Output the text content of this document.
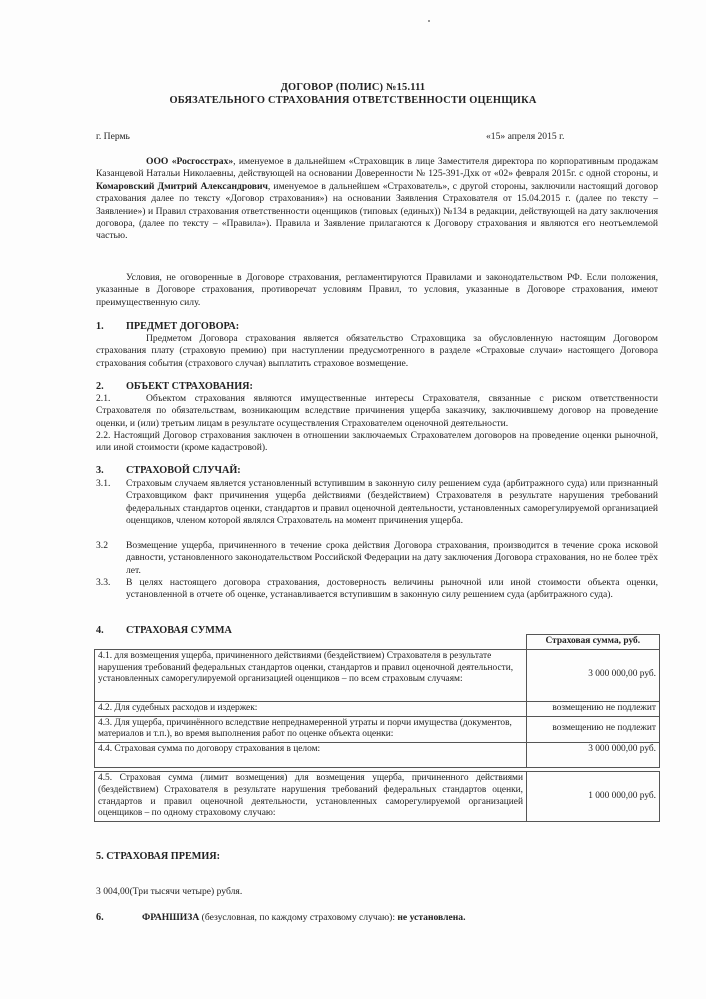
ДОГОВОР (ПОЛИС) №15.111
ОБЯЗАТЕЛЬНОГО СТРАХОВАНИЯ ОТВЕТСТВЕННОСТИ ОЦЕНЩИКА
г. Пермь	«15» апреля 2015 г.
ООО «Росгосстрах», именуемое в дальнейшем «Страховщик в лице Заместителя директора по корпоративным продажам Казанцевой Натальи Николаевны, действующей на основании Доверенности № 125-391-Дхк от «02» февраля 2015г. с одной стороны, и Комаровский Дмитрий Александрович, именуемое в дальнейшем «Страхователь», с другой стороны, заключили настоящий договор страхования далее по тексту «Договор страхования») на основании Заявления Страхователя от 15.04.2015 г. (далее по тексту – Заявление») и Правил страхования ответственности оценщиков (типовых (единых)) №134 в редакции, действующей на дату заключения договора, (далее по тексту – «Правила»). Правила и Заявление прилагаются к Договору страхования и являются его неотъемлемой частью.
Условия, не оговоренные в Договоре страхования, регламентируются Правилами и законодательством РФ. Если положения, указанные в Договоре страхования, противоречат условиям Правил, то условия, указанные в Договоре страхования, имеют преимущественную силу.
1. ПРЕДМЕТ ДОГОВОРА:
Предметом Договора страхования является обязательство Страховщика за обусловленную настоящим Договором страхования плату (страховую премию) при наступлении предусмотренного в разделе «Страховые случаи» настоящего Договора страхования события (страхового случая) выплатить страховое возмещение.
2. ОБЪЕКТ СТРАХОВАНИЯ:
2.1.	Объектом страхования являются имущественные интересы Страхователя, связанные с риском ответственности Страхователя по обязательствам, возникающим вследствие причинения ущерба заказчику, заключившему договор на проведение оценки, и (или) третьим лицам в результате осуществления Страхователем оценочной деятельности.
2.2. Настоящий Договор страхования заключен в отношении заключаемых Страхователем договоров на проведение оценки рыночной, или иной стоимости (кроме кадастровой).
3. СТРАХОВОЙ СЛУЧАЙ:
3.1. Страховым случаем является установленный вступившим в законную силу решением суда (арбитражного суда) или признанный Страховщиком факт причинения ущерба действиями (бездействием) Страхователя в результате нарушения требований федеральных стандартов оценки, стандартов и правил оценочной деятельности, установленных саморегулируемой организацией оценщиков, членом которой являлся Страхователь на момент причинения ущерба.
3.2 Возмещение ущерба, причиненного в течение срока действия Договора страхования, производится в течение срока исковой давности, установленного законодательством Российской Федерации на дату заключения Договора страхования, но не более трёх лет.
3.3. В целях настоящего договора страхования, достоверность величины рыночной или иной стоимости объекта оценки, установленной в отчете об оценке, устанавливается вступившим в законную силу решением суда (арбитражного суда).
4. СТРАХОВАЯ СУММА
	Страховая сумма, руб.
4.1. для возмещения ущерба, причиненного действиями (бездействием) Страхователя в результате нарушения требований федеральных стандартов оценки, стандартов и правил оценочной деятельности, установленных саморегулируемой организацией оценщиков – по всем страховым случаям:	3 000 000,00 руб.
4.2. Для судебных расходов и издержек:	возмещению не подлежит
4.3. Для ущерба, причинённого вследствие непреднамеренной утраты и порчи имущества (документов, материалов и т.п.), во время выполнения работ по оценке объекта оценки:	возмещению не подлежит
4.4. Страховая сумма по договору страхования в целом:	3 000 000,00 руб.
4.5. Страховая сумма (лимит возмещения) для возмещения ущерба, причиненного действиями (бездействием) Страхователя в результате нарушения требований федеральных стандартов оценки, стандартов и правил оценочной деятельности, установленных саморегулируемой организацией оценщиков – по одному страховому случаю:	1 000 000,00 руб.
5. СТРАХОВАЯ ПРЕМИЯ:
3 004,00(Три тысячи четыре) рубля.
6.	ФРАНШИЗА (безусловная, по каждому страховому случаю): не установлена.
